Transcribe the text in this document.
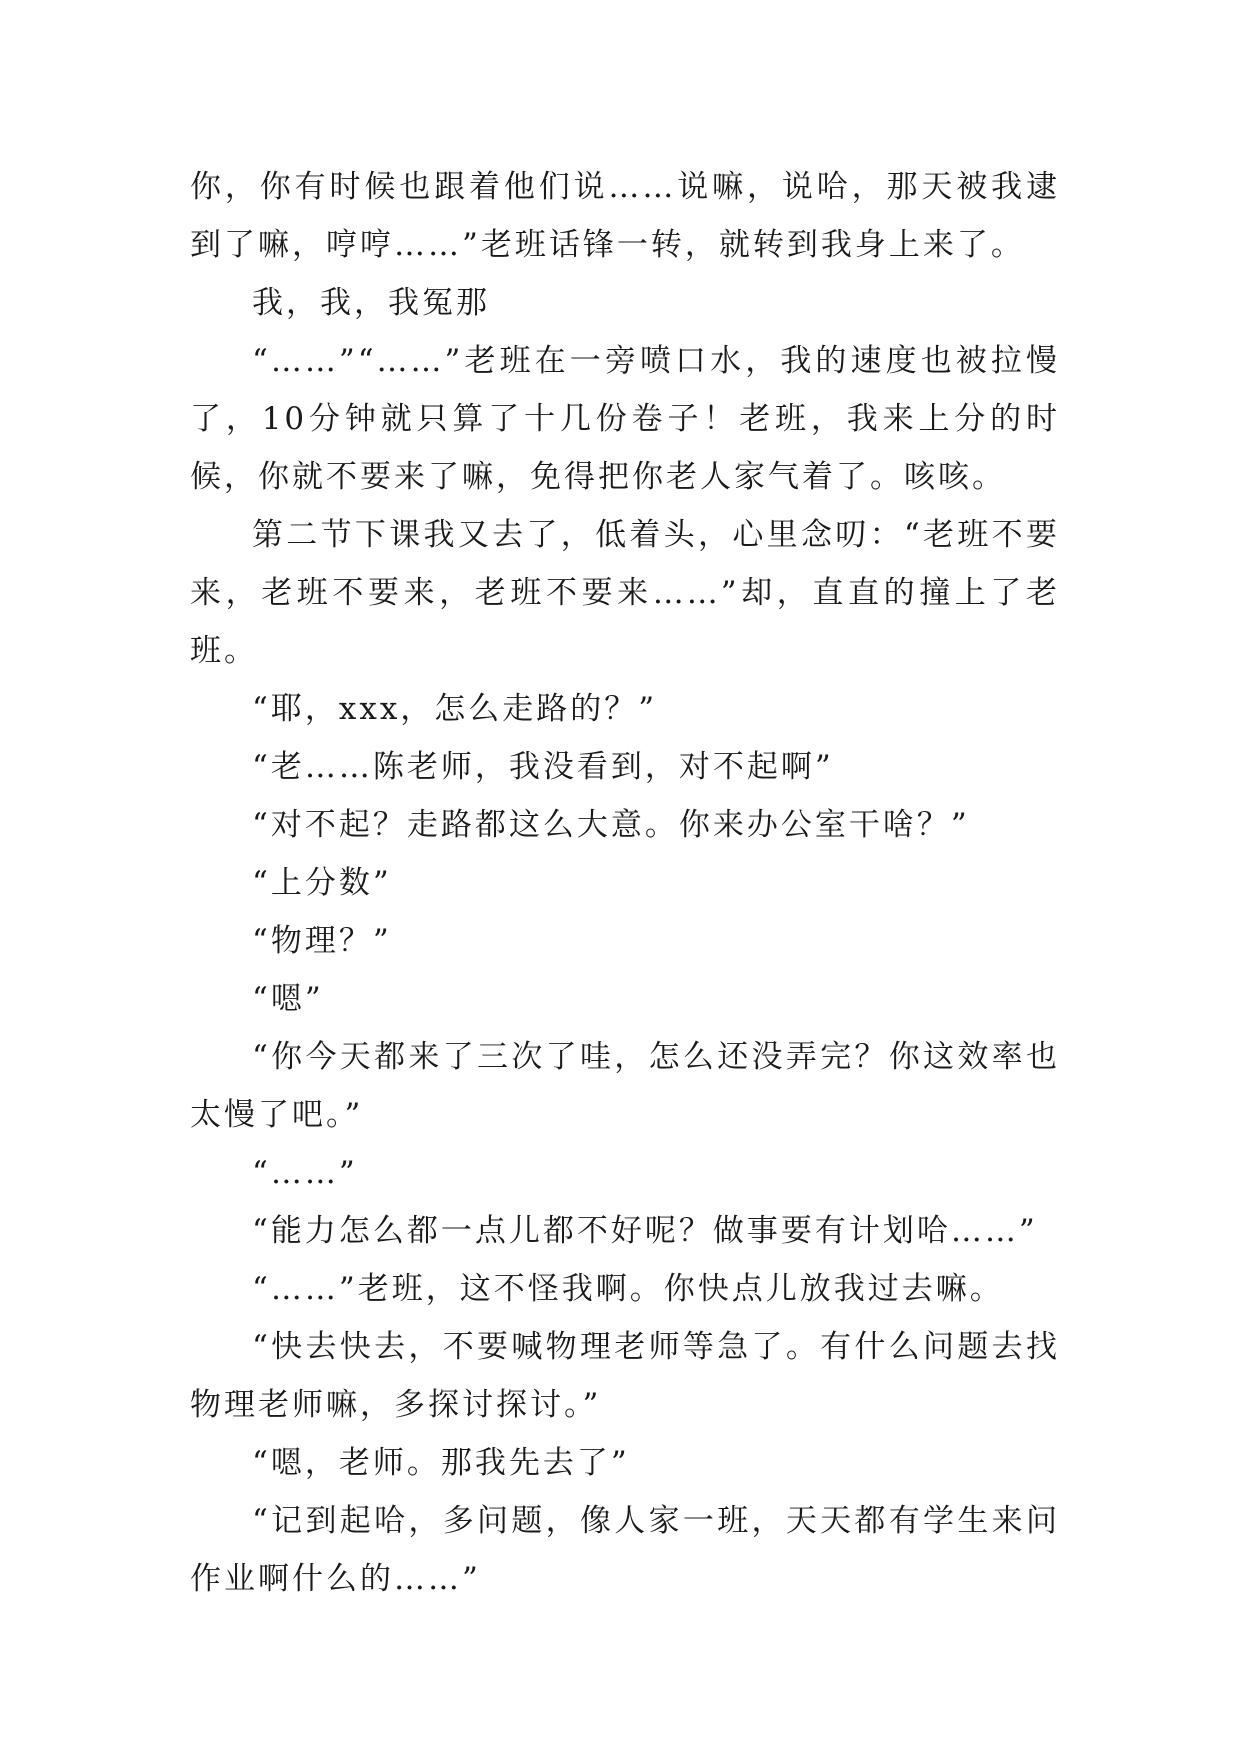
你，你有时候也跟着他们说……说嘛，说哈，那天被我逮到了嘛，哼哼……”老班话锋一转，就转到我身上来了。

我，我，我冤那

“……”“……”老班在一旁喷口水，我的速度也被拉慢了，10分钟就只算了十几份卷子！老班，我来上分的时候，你就不要来了嘛，免得把你老人家气着了。咳咳。

第二节下课我又去了，低着头，心里念叨：“老班不要来，老班不要来，老班不要来……”却，直直的撞上了老班。

“耶，xxx，怎么走路的？”

“老……陈老师，我没看到，对不起啊”

“对不起？走路都这么大意。你来办公室干啥？”

“上分数”

“物理？”

“嗯”

“你今天都来了三次了哇，怎么还没弄完？你这效率也太慢了吧。”

“……”

“能力怎么都一点儿都不好呢？做事要有计划哈……”

“……”老班，这不怪我啊。你快点儿放我过去嘛。

“快去快去，不要喊物理老师等急了。有什么问题去找物理老师嘛，多探讨探讨。”

“嗯，老师。那我先去了”

“记到起哈，多问题，像人家一班，天天都有学生来问作业啊什么的……”
